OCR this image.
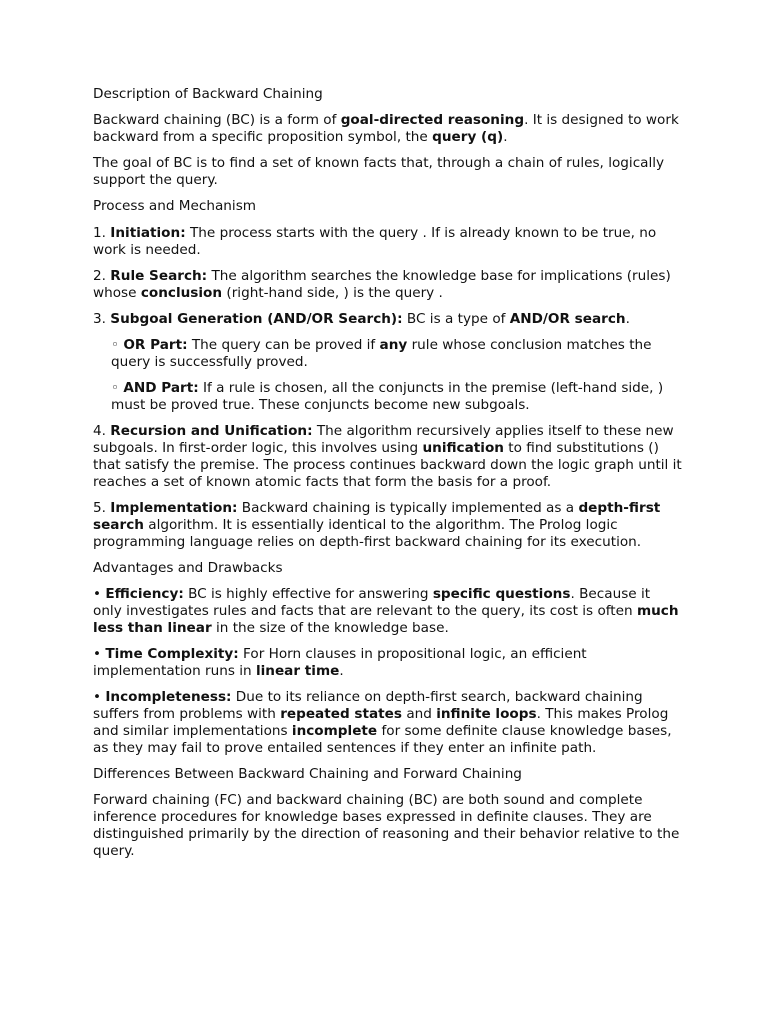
Description of Backward Chaining
Backward chaining (BC) is a form of goal-directed reasoning. It is designed to work backward from a specific proposition symbol, the query (q).
The goal of BC is to find a set of known facts that, through a chain of rules, logically support the query.
Process and Mechanism
1. Initiation: The process starts with the query . If is already known to be true, no work is needed.
2. Rule Search: The algorithm searches the knowledge base for implications (rules) whose conclusion (right-hand side, ) is the query .
3. Subgoal Generation (AND/OR Search): BC is a type of AND/OR search.
◦ OR Part: The query can be proved if any rule whose conclusion matches the query is successfully proved.
◦ AND Part: If a rule is chosen, all the conjuncts in the premise (left-hand side, ) must be proved true. These conjuncts become new subgoals.
4. Recursion and Unification: The algorithm recursively applies itself to these new subgoals. In first-order logic, this involves using unification to find substitutions () that satisfy the premise. The process continues backward down the logic graph until it reaches a set of known atomic facts that form the basis for a proof.
5. Implementation: Backward chaining is typically implemented as a depth-first search algorithm. It is essentially identical to the algorithm. The Prolog logic programming language relies on depth-first backward chaining for its execution.
Advantages and Drawbacks
• Efficiency: BC is highly effective for answering specific questions. Because it only investigates rules and facts that are relevant to the query, its cost is often much less than linear in the size of the knowledge base.
• Time Complexity: For Horn clauses in propositional logic, an efficient implementation runs in linear time.
• Incompleteness: Due to its reliance on depth-first search, backward chaining suffers from problems with repeated states and infinite loops. This makes Prolog and similar implementations incomplete for some definite clause knowledge bases, as they may fail to prove entailed sentences if they enter an infinite path.
Differences Between Backward Chaining and Forward Chaining
Forward chaining (FC) and backward chaining (BC) are both sound and complete inference procedures for knowledge bases expressed in definite clauses. They are distinguished primarily by the direction of reasoning and their behavior relative to the query.
